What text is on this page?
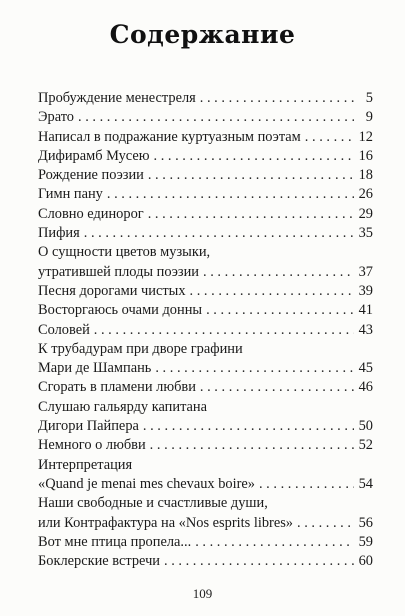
Содержание
Пробуждение менестреля . . .	5
Эрато . . .	9
Написал в подражание куртуазным поэтам . . .	12
Дифирамб Мусею . . .	16
Рождение поэзии . . .	18
Гимн пану . . .	26
Словно единорог . . .	29
Пифия . . .	35
О сущности цветов музыки,
утратившей плоды поэзии . . .	37
Песня дорогами чистых . . .	39
Восторгаюсь очами донны . . .	41
Соловей . . .	43
К трубадурам при дворе графини
Мари де Шампань . . .	45
Сгорать в пламени любви . . .	46
Слушаю гальярду капитана
Дигори Пайпера . . .	50
Немного о любви . . .	52
Интерпретация
«Quand je menai mes chevaux boire» . . .	54
Наши свободные и счастливые души,
или Контрафактура на «Nos esprits libres» . . .	56
Вот мне птица пропела... . . .	59
Боклерские встречи . . .	60
109
